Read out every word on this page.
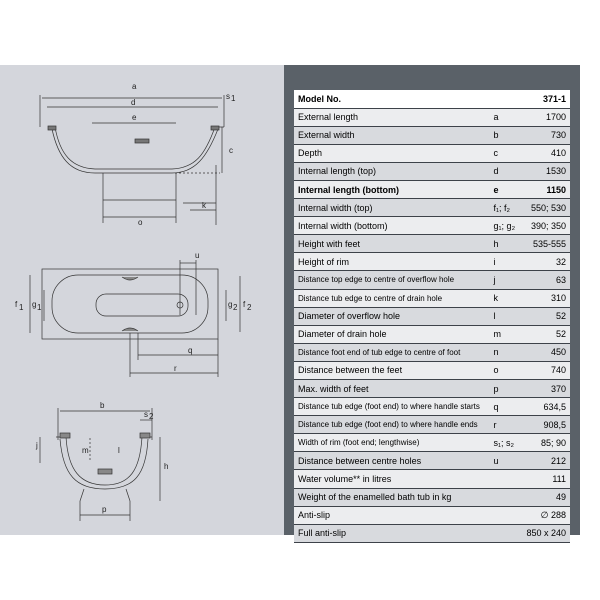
a
d
s 1
e
c
o
k
u
f 1 g 1	g 2 f 2
q
r
b
s 2
j
m	l
h
p
Model No.		371-1
External length	a	1700
External width	b	730
Depth	c	410
Internal length (top)	d	1530
Internal length (bottom)	e	1150
Internal width (top)	f₁; f₂	550; 530
Internal width (bottom)	g₁; g₂	390; 350
Height with feet	h	535-555
Height of rim	i	32
Distance top edge to centre of overflow hole	j	63
Distance tub edge to centre of drain hole	k	310
Diameter of overflow hole	l	52
Diameter of drain hole	m	52
Distance foot end of tub edge to centre of foot	n	450
Distance between the feet	o	740
Max. width of feet	p	370
Distance tub edge (foot end) to where handle starts	q	634,5
Distance tub edge (foot end) to where handle ends	r	908,5
Width of rim (foot end; lengthwise)	s₁; s₂	85; 90
Distance between centre holes	u	212
Water volume** in litres		111
Weight of the enamelled bath tub in kg		49
Anti-slip		∅ 288
Full anti-slip		850 x 240
